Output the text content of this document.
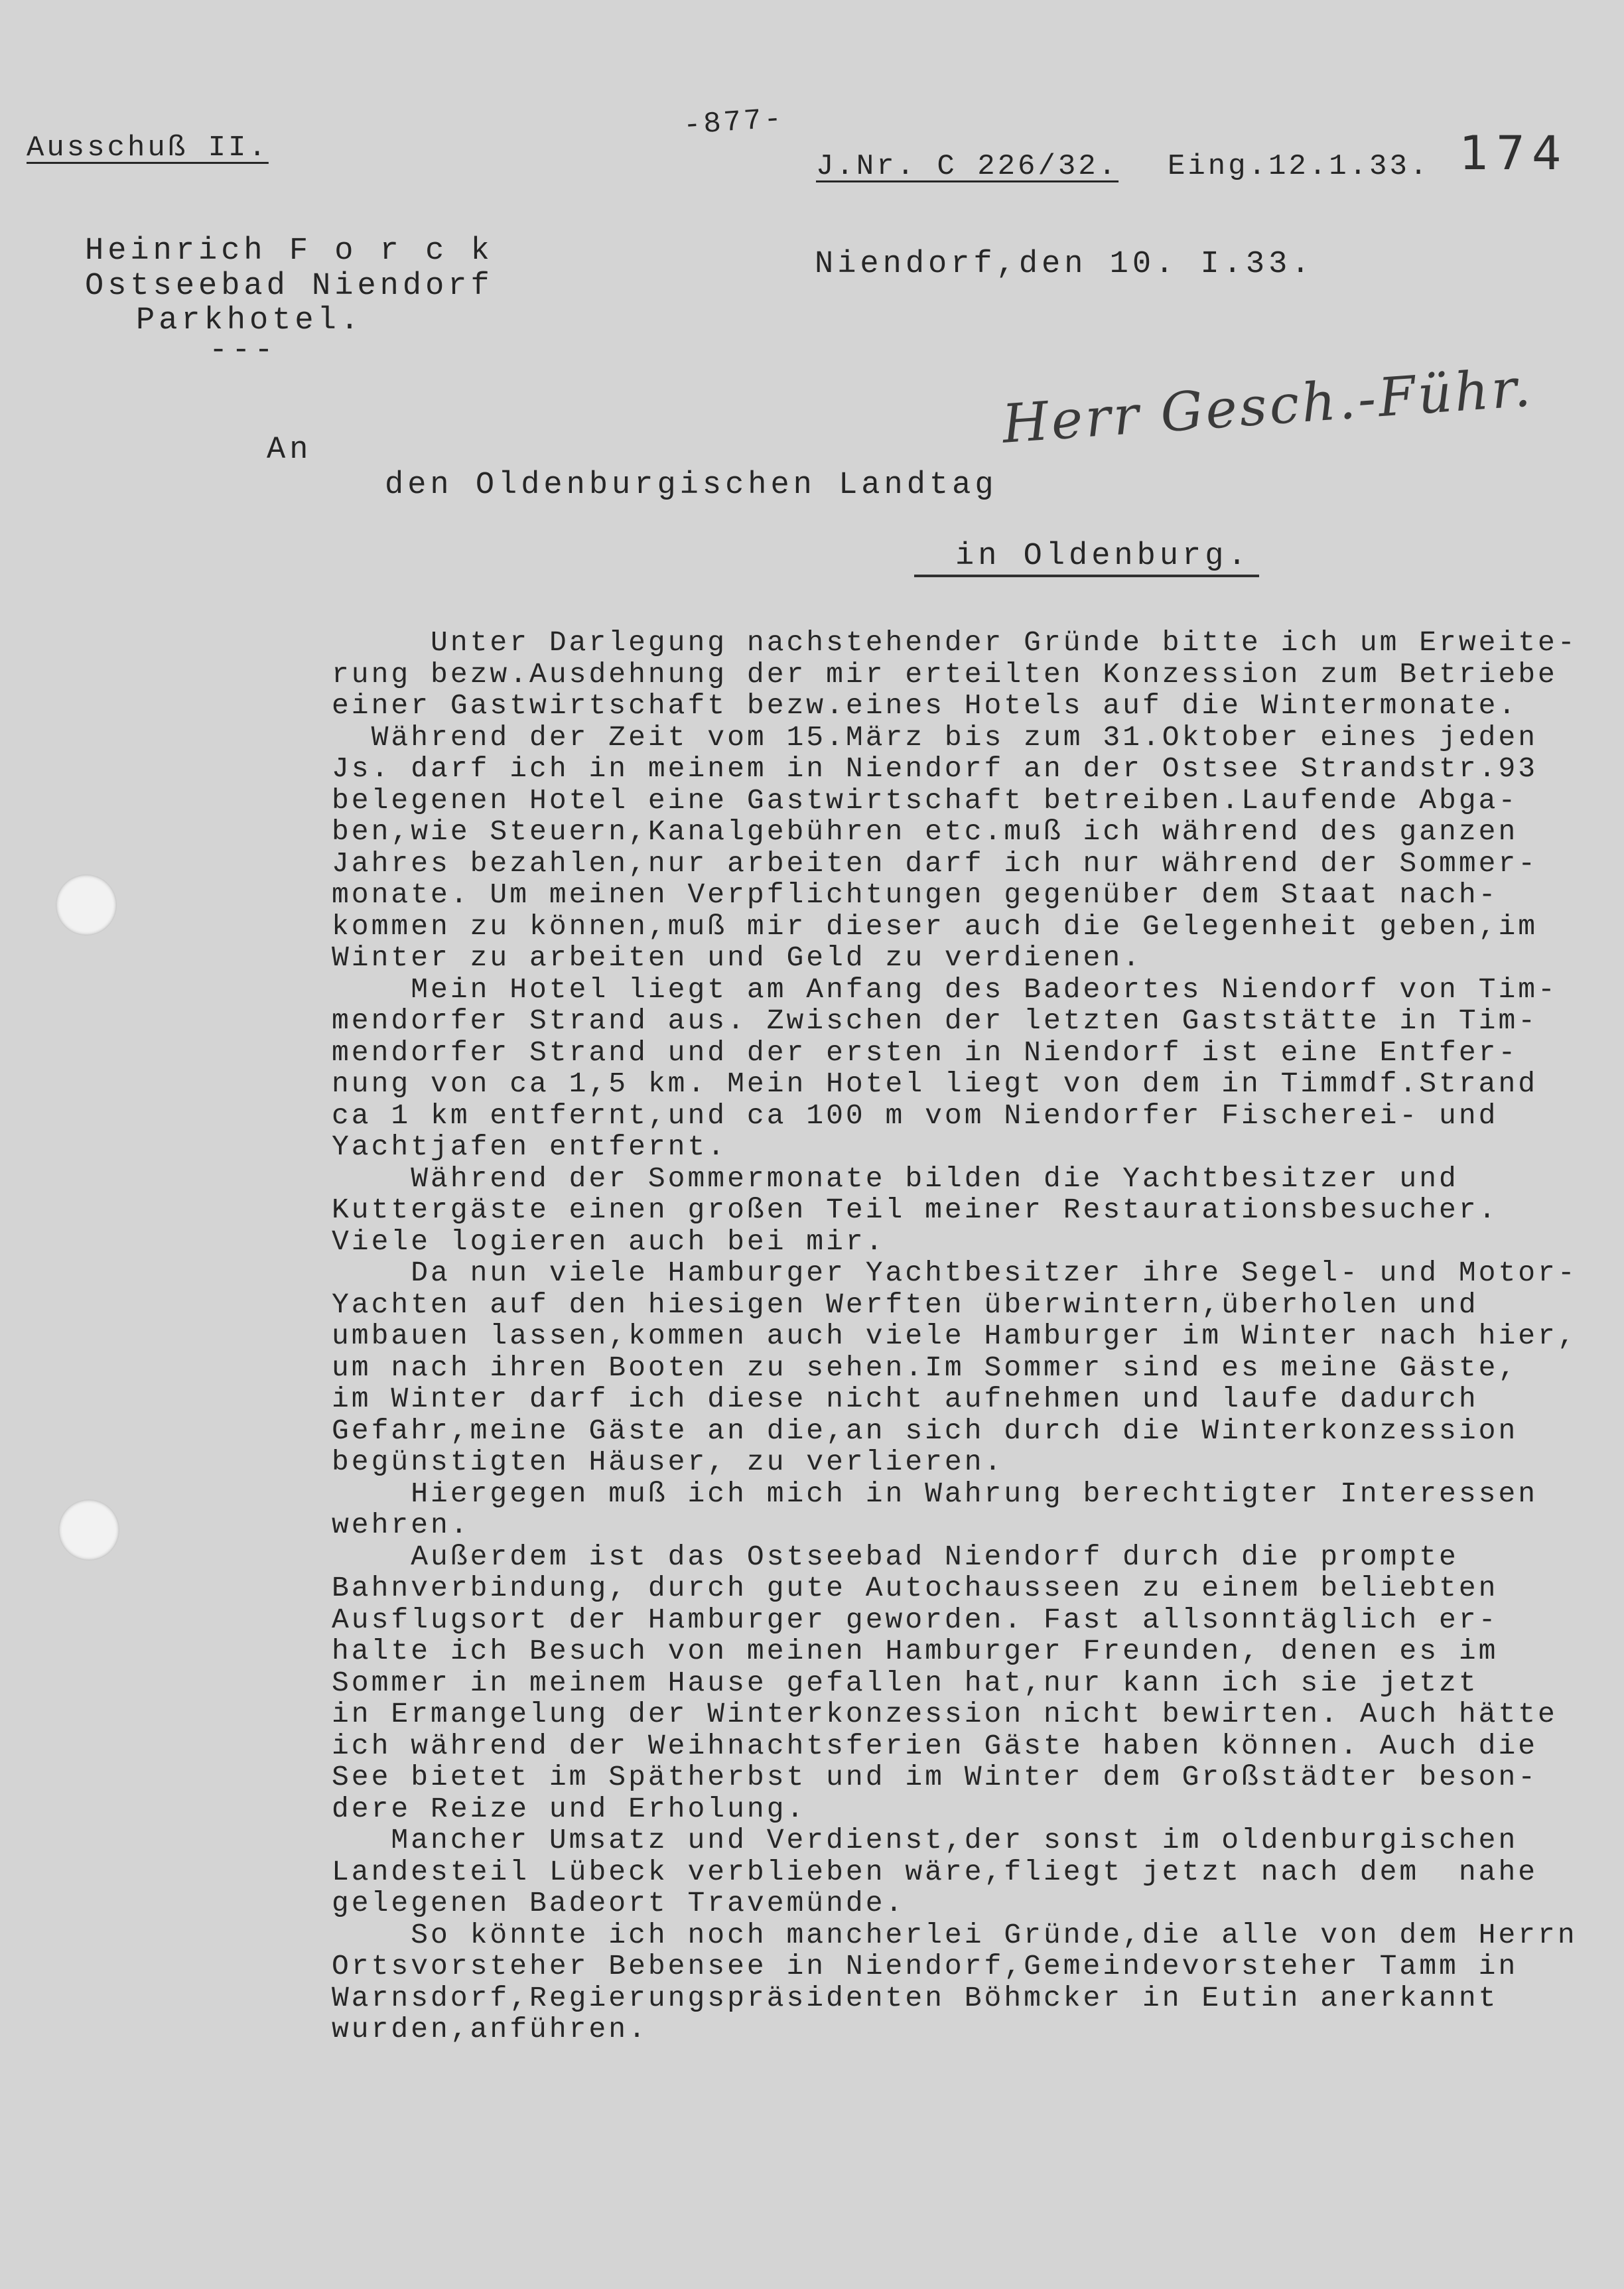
Ausschuß II.
-877-
J.Nr. C 226/32. Eing.12.1.33. 174
Heinrich F o r c k
Ostseebad Niendorf
Parkhotel.
---
Niendorf,den 10. I.33.
Herr Gesch.-Führ.
An
den Oldenburgischen Landtag
in Oldenburg.

Unter Darlegung nachstehender Gründe bitte ich um Erweite-

rung bezw.Ausdehnung der mir erteilten Konzession zum Betriebe

einer Gastwirtschaft bezw.eines Hotels auf die Wintermonate.

Während der Zeit vom 15.März bis zum 31.Oktober eines jeden

Js. darf ich in meinem in Niendorf an der Ostsee Strandstr.93

belegenen Hotel eine Gastwirtschaft betreiben.Laufende Abga-

ben,wie Steuern,Kanalgebühren etc.muß ich während des ganzen

Jahres bezahlen,nur arbeiten darf ich nur während der Sommer-

monate. Um meinen Verpflichtungen gegenüber dem Staat nach-

kommen zu können,muß mir dieser auch die Gelegenheit geben,im

Winter zu arbeiten und Geld zu verdienen.

Mein Hotel liegt am Anfang des Badeortes Niendorf von Tim-

mendorfer Strand aus. Zwischen der letzten Gaststätte in Tim-

mendorfer Strand und der ersten in Niendorf ist eine Entfer-

nung von ca 1,5 km. Mein Hotel liegt von dem in Timmdf.Strand

ca 1 km entfernt,und ca 100 m vom Niendorfer Fischerei- und

Yachtjafen entfernt.

Während der Sommermonate bilden die Yachtbesitzer und

Kuttergäste einen großen Teil meiner Restaurationsbesucher.

Viele logieren auch bei mir.

Da nun viele Hamburger Yachtbesitzer ihre Segel- und Motor-

Yachten auf den hiesigen Werften überwintern,überholen und

umbauen lassen,kommen auch viele Hamburger im Winter nach hier,

um nach ihren Booten zu sehen.Im Sommer sind es meine Gäste,

im Winter darf ich diese nicht aufnehmen und laufe dadurch

Gefahr,meine Gäste an die,an sich durch die Winterkonzession

begünstigten Häuser, zu verlieren.

Hiergegen muß ich mich in Wahrung berechtigter Interessen

wehren.

Außerdem ist das Ostseebad Niendorf durch die prompte

Bahnverbindung, durch gute Autochausseen zu einem beliebten

Ausflugsort der Hamburger geworden. Fast allsonntäglich er-

halte ich Besuch von meinen Hamburger Freunden, denen es im

Sommer in meinem Hause gefallen hat,nur kann ich sie jetzt

in Ermangelung der Winterkonzession nicht bewirten. Auch hätte

ich während der Weihnachtsferien Gäste haben können. Auch die

See bietet im Spätherbst und im Winter dem Großstädter beson-

dere Reize und Erholung.

Mancher Umsatz und Verdienst,der sonst im oldenburgischen

Landesteil Lübeck verblieben wäre,fliegt jetzt nach dem  nahe

gelegenen Badeort Travemünde.

So könnte ich noch mancherlei Gründe,die alle von dem Herrn

Ortsvorsteher Bebensee in Niendorf,Gemeindevorsteher Tamm in

Warnsdorf,Regierungspräsidenten Böhmcker in Eutin anerkannt

wurden,anführen.
